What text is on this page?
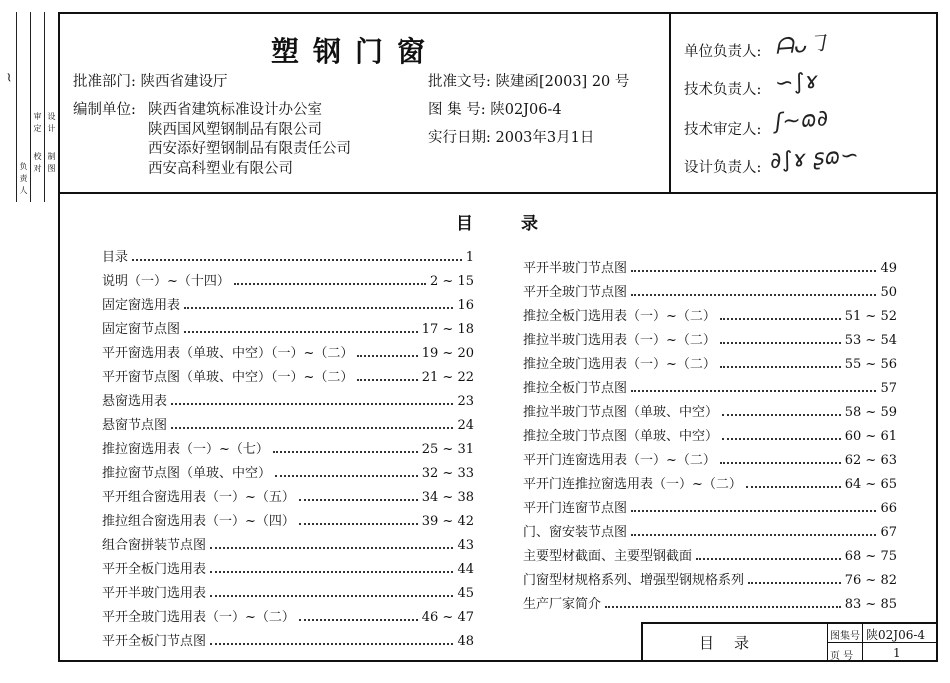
~
审
定
校
对
设
计
制
图
负
责
人
塑钢门窗
批准部门: 陕西省建设厅
编制单位: 陕西省建筑标准设计办公室
陕西国风塑钢制品有限公司
西安添好塑钢制品有限责任公司
西安高科塑业有限公司
批准文号: 陕建函[2003] 20 号
图 集 号: 陕02J06-4
实行日期: 2003年3月1日
单位负责人: ᗩᴗ㇆
技术负责人: ∽∫ɤ
技术审定人: ʃ~ɷ∂
设计负责人: ∂∫ɤ ʂɷ∽
目 录
目录	1
说明（一）~（十四）	2 ~ 15
固定窗选用表	16
固定窗节点图	17 ~ 18
平开窗选用表（单玻、中空）（一）~（二）	19 ~ 20
平开窗节点图（单玻、中空）（一）~（二）	21 ~ 22
悬窗选用表	23
悬窗节点图	24
推拉窗选用表（一）~（七）	25 ~ 31
推拉窗节点图（单玻、中空）	32 ~ 33
平开组合窗选用表（一）~（五）	34 ~ 38
推拉组合窗选用表（一）~（四）	39 ~ 42
组合窗拼装节点图	43
平开全板门选用表	44
平开半玻门选用表	45
平开全玻门选用表（一）~（二）	46 ~ 47
平开全板门节点图	48
平开半玻门节点图	49
平开全玻门节点图	50
推拉全板门选用表（一）~（二）	51 ~ 52
推拉半玻门选用表（一）~（二）	53 ~ 54
推拉全玻门选用表（一）~（二）	55 ~ 56
推拉全板门节点图	57
推拉半玻门节点图（单玻、中空）	58 ~ 59
推拉全玻门节点图（单玻、中空）	60 ~ 61
平开门连窗选用表（一）~（二）	62 ~ 63
平开门连推拉窗选用表（一）~（二）	64 ~ 65
平开门连窗节点图	66
门、窗安装节点图	67
主要型材截面、主要型钢截面	68 ~ 75
门窗型材规格系列、增强型钢规格系列	76 ~ 82
生产厂家简介	83 ~ 85
目录	图集号 陕02J06-4
页 号	1
